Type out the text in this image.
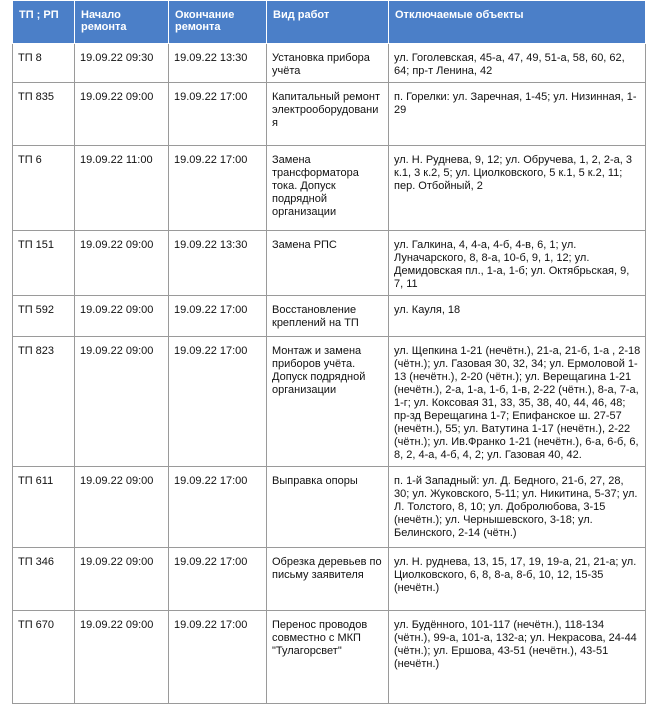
ТП ; РП	Начало ремонта	Окончание ремонта	Вид работ	Отключаемые объекты
ТП 8	19.09.22 09:30	19.09.22 13:30	Установка прибора учёта	ул. Гоголевская, 45-а, 47, 49, 51-а, 58, 60, 62, 64; пр-т Ленина, 42
ТП 835	19.09.22 09:00	19.09.22 17:00	Капитальный ремонт электрооборудования	п. Горелки: ул. Заречная, 1-45; ул. Низинная, 1-29
ТП 6	19.09.22 11:00	19.09.22 17:00	Замена трансформатора тока. Допуск подрядной организации	ул. Н. Руднева, 9, 12; ул. Обручева, 1, 2, 2-а, 3 к.1, 3 к.2, 5; ул. Циолковского, 5 к.1, 5 к.2, 11; пер. Отбойный, 2
ТП 151	19.09.22 09:00	19.09.22 13:30	Замена РПС	ул. Галкина, 4, 4-а, 4-б, 4-в, 6, 1; ул. Луначарского, 8, 8-а, 10-б, 9, 1, 12; ул. Демидовская пл., 1-а, 1-б; ул. Октябрьская, 9, 7, 11
ТП 592	19.09.22 09:00	19.09.22 17:00	Восстановление креплений на ТП	ул. Кауля, 18
ТП 823	19.09.22 09:00	19.09.22 17:00	Монтаж и замена приборов учёта. Допуск подрядной организации	ул. Щепкина 1-21 (нечётн.), 21-а, 21-б, 1-а , 2-18 (чётн.); ул. Газовая 30, 32, 34; ул. Ермоловой 1-13 (нечётн.), 2-20 (чётн.); ул. Верещагина 1-21 (нечётн.), 2-а, 1-а, 1-б, 1-в, 2-22 (чётн.), 8-а, 7-а, 1-г; ул. Коксовая 31, 33, 35, 38, 40, 44, 46, 48; пр-зд Верещагина 1-7; Епифанское ш. 27-57 (нечётн.), 55; ул. Ватутина 1-17 (нечётн.), 2-22 (чётн.); ул. Ив.Франко 1-21 (нечётн.), 6-а, 6-б, 6, 8, 2, 4-а, 4-б, 4, 2; ул. Газовая 40, 42.
ТП 611	19.09.22 09:00	19.09.22 17:00	Выправка опоры	п. 1-й Западный: ул. Д. Бедного, 21-б, 27, 28, 30; ул. Жуковского, 5-11; ул. Никитина, 5-37; ул. Л. Толстого, 8, 10; ул. Добролюбова, 3-15 (нечётн.); ул. Чернышевского, 3-18; ул. Белинского, 2-14 (чётн.)
ТП 346	19.09.22 09:00	19.09.22 17:00	Обрезка деревьев по письму заявителя	ул. Н. руднева, 13, 15, 17, 19, 19-а, 21, 21-а; ул. Циолковского, 6, 8, 8-а, 8-б, 10, 12, 15-35 (нечётн.)
ТП 670	19.09.22 09:00	19.09.22 17:00	Перенос проводов совместно с МКП "Тулагорсвет"	ул. Будённого, 101-117 (нечётн.), 118-134 (чётн.), 99-а, 101-а, 132-а; ул. Некрасова, 24-44 (чётн.); ул. Ершова, 43-51 (нечётн.), 43-51 (нечётн.)
